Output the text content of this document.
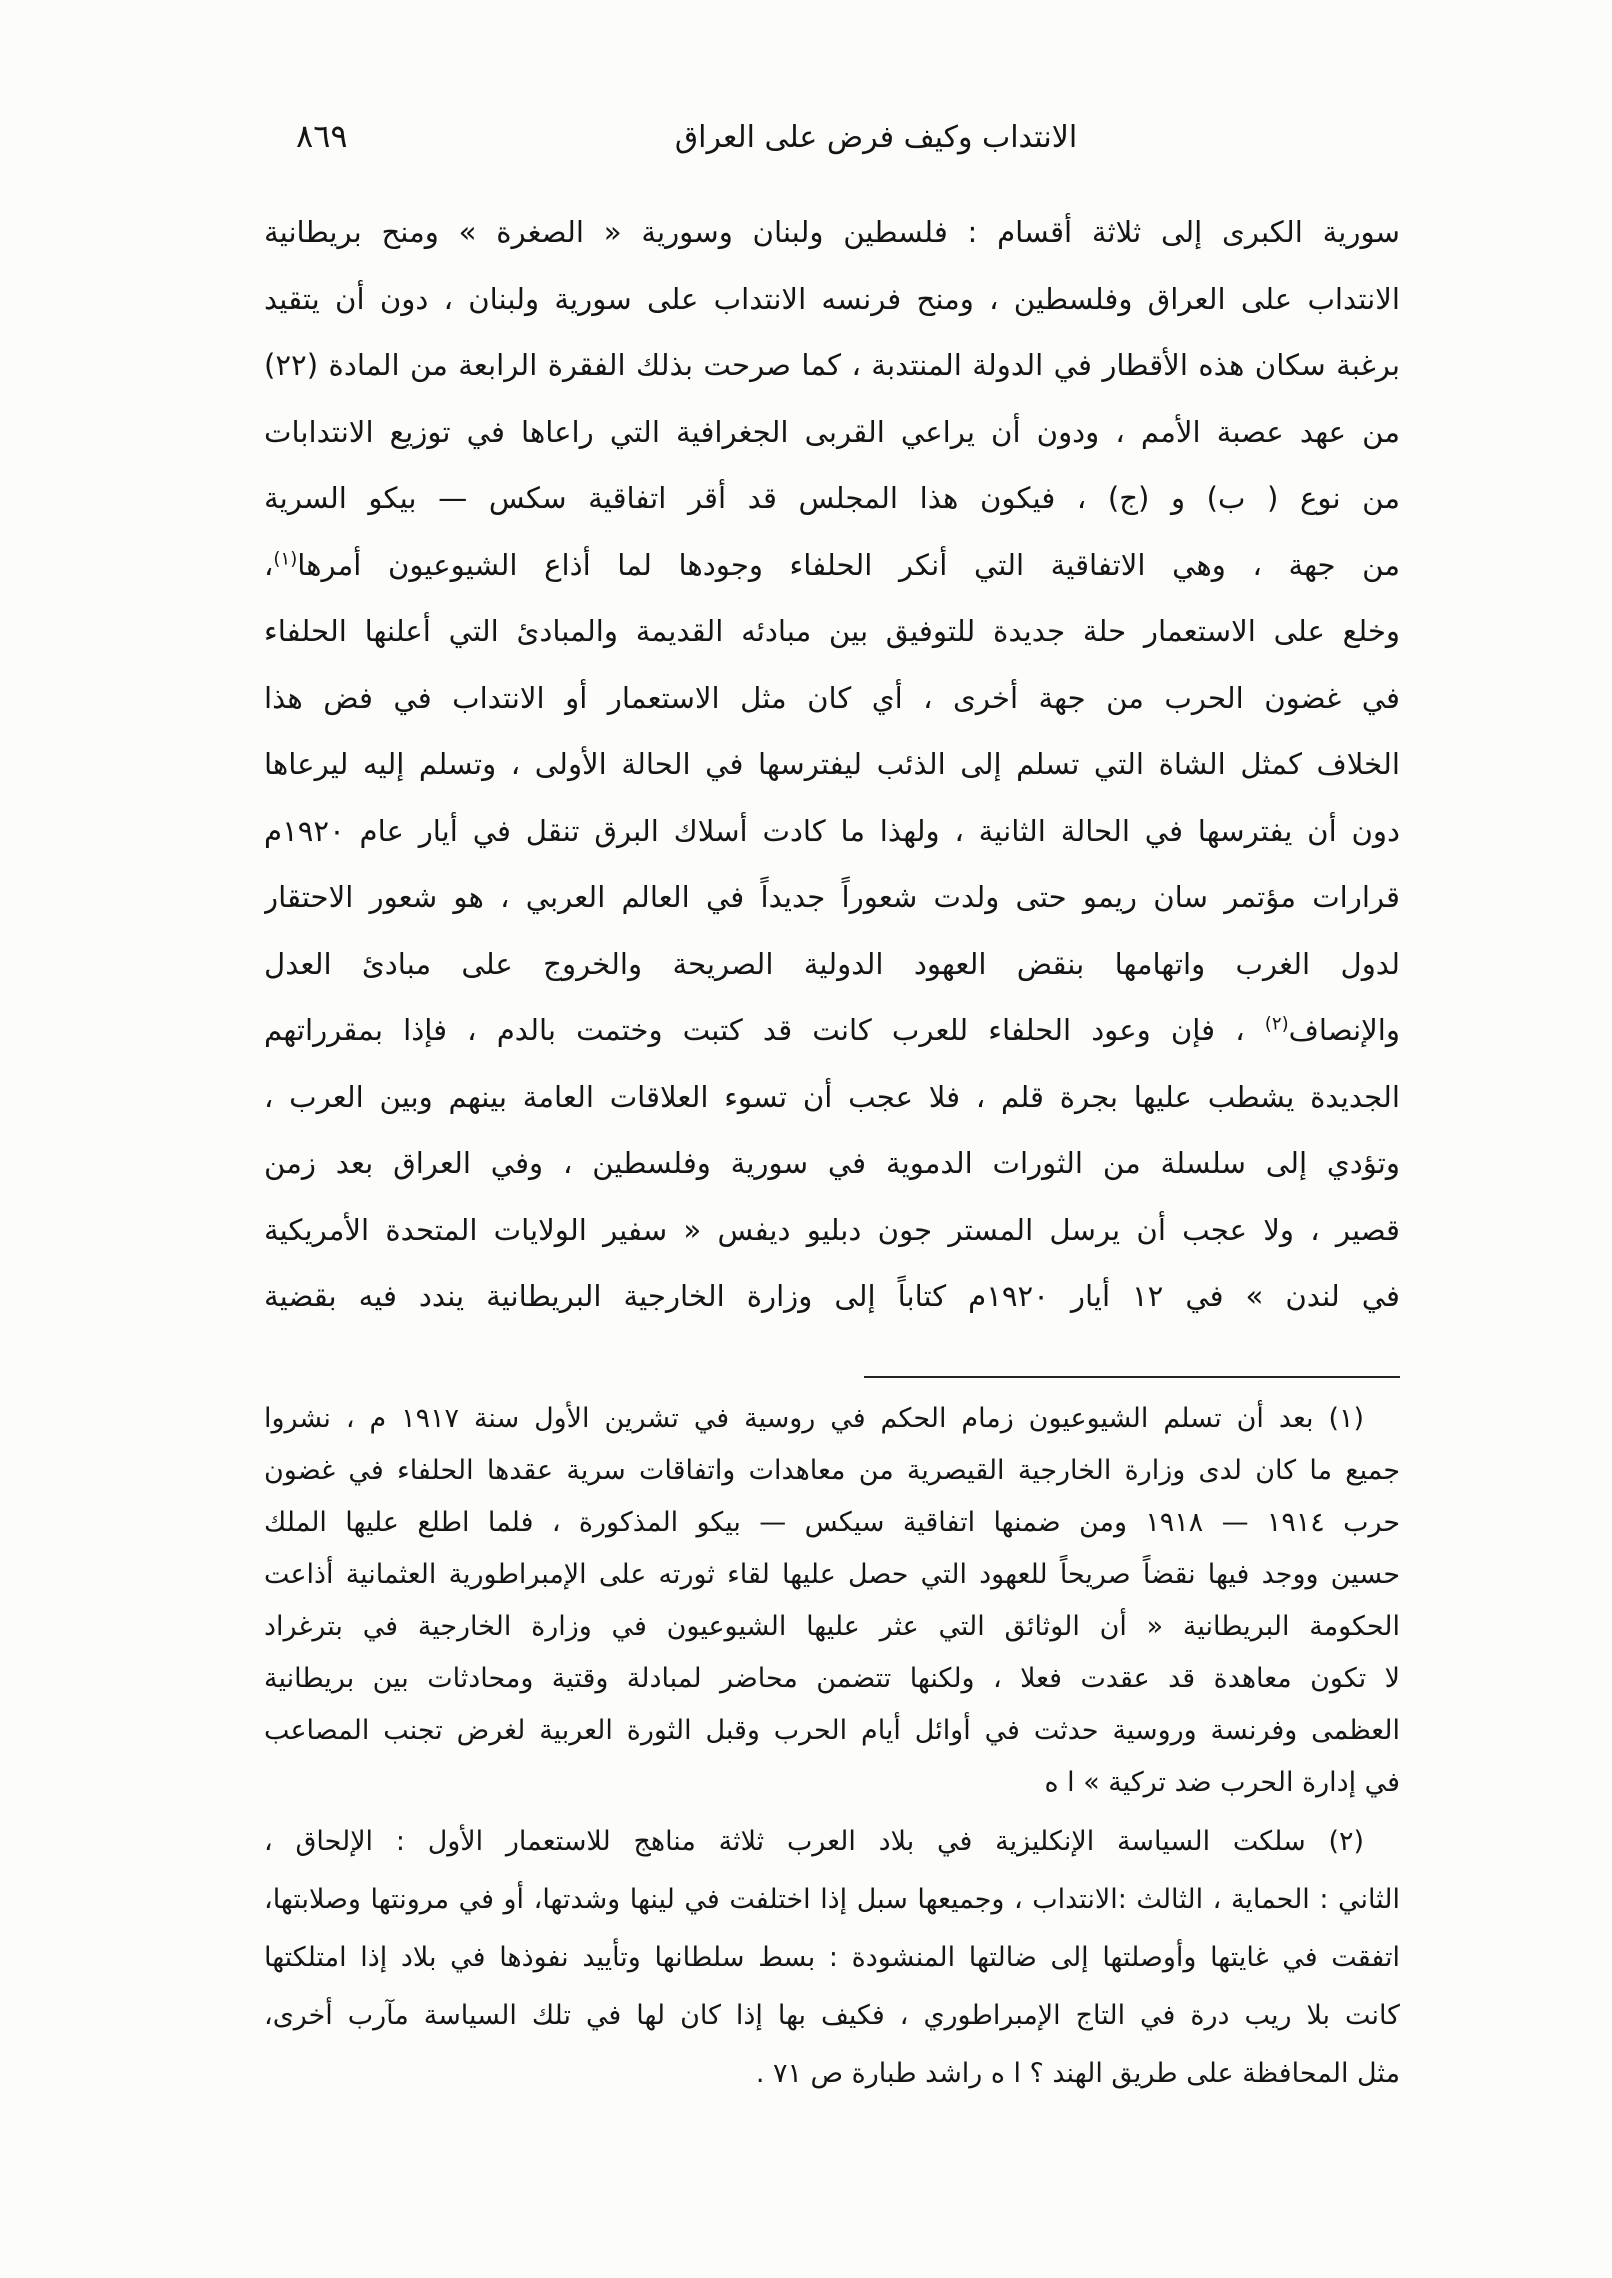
الانتداب وكيف فرض على العراق
٨٦٩
سورية الكبرى إلى ثلاثة أقسام : فلسطين ولبنان وسورية « الصغرة » ومنح بريطانية
الانتداب على العراق وفلسطين ، ومنح فرنسه الانتداب على سورية ولبنان ، دون أن يتقيد
برغبة سكان هذه الأقطار في الدولة المنتدبة ، كما صرحت بذلك الفقرة الرابعة من المادة (٢٢)
من عهد عصبة الأمم ، ودون أن يراعي القربى الجغرافية التي راعاها في توزيع الانتدابات
من نوع ( ب) و (ج) ، فيكون هذا المجلس قد أقر اتفاقية سكس — بيكو السرية
من جهة ، وهي الاتفاقية التي أنكر الحلفاء وجودها لما أذاع الشيوعيون أمرها$^{(١)}$،
وخلع على الاستعمار حلة جديدة للتوفيق بين مبادئه القديمة والمبادئ التي أعلنها الحلفاء
في غضون الحرب من جهة أخرى ، أي كان مثل الاستعمار أو الانتداب في فض هذا
الخلاف كمثل الشاة التي تسلم إلى الذئب ليفترسها في الحالة الأولى ، وتسلم إليه ليرعاها
دون أن يفترسها في الحالة الثانية ، ولهذا ما كادت أسلاك البرق تنقل في أيار عام ١٩٢٠م
قرارات مؤتمر سان ريمو حتى ولدت شعوراً جديداً في العالم العربي ، هو شعور الاحتقار
لدول الغرب واتهامها بنقض العهود الدولية الصريحة والخروج على مبادئ العدل
والإنصاف$^{(٢)}$ ، فإن وعود الحلفاء للعرب كانت قد كتبت وختمت بالدم ، فإذا بمقرراتهم
الجديدة يشطب عليها بجرة قلم ، فلا عجب أن تسوء العلاقات العامة بينهم وبين العرب ،
وتؤدي إلى سلسلة من الثورات الدموية في سورية وفلسطين ، وفي العراق بعد زمن
قصير ، ولا عجب أن يرسل المستر جون دبليو ديفس « سفير الولايات المتحدة الأمريكية
في لندن » في ١٢ أيار ١٩٢٠م كتاباً إلى وزارة الخارجية البريطانية يندد فيه بقضية
(١) بعد أن تسلم الشيوعيون زمام الحكم في روسية في تشرين الأول سنة ١٩١٧ م ، نشروا
جميع ما كان لدى وزارة الخارجية القيصرية من معاهدات واتفاقات سرية عقدها الحلفاء في غضون
حرب ١٩١٤ — ١٩١٨ ومن ضمنها اتفاقية سيكس — بيكو المذكورة ، فلما اطلع عليها الملك
حسين ووجد فيها نقضاً صريحاً للعهود التي حصل عليها لقاء ثورته على الإمبراطورية العثمانية أذاعت
الحكومة البريطانية « أن الوثائق التي عثر عليها الشيوعيون في وزارة الخارجية في بترغراد
لا تكون معاهدة قد عقدت فعلا ، ولكنها تتضمن محاضر لمبادلة وقتية ومحادثات بين بريطانية
العظمى وفرنسة وروسية حدثت في أوائل أيام الحرب وقبل الثورة العربية لغرض تجنب المصاعب
في إدارة الحرب ضد تركية » ا ه
(٢) سلكت السياسة الإنكليزية في بلاد العرب ثلاثة مناهج للاستعمار الأول : الإلحاق ،
الثاني : الحماية ، الثالث :الانتداب ، وجميعها سبل إذا اختلفت في لينها وشدتها، أو في مرونتها وصلابتها،
اتفقت في غايتها وأوصلتها إلى ضالتها المنشودة : بسط سلطانها وتأييد نفوذها في بلاد إذا امتلكتها
كانت بلا ريب درة في التاج الإمبراطوري ، فكيف بها إذا كان لها في تلك السياسة مآرب أخرى،
مثل المحافظة على طريق الهند ؟ ا ه راشد طبارة ص ٧١ .
